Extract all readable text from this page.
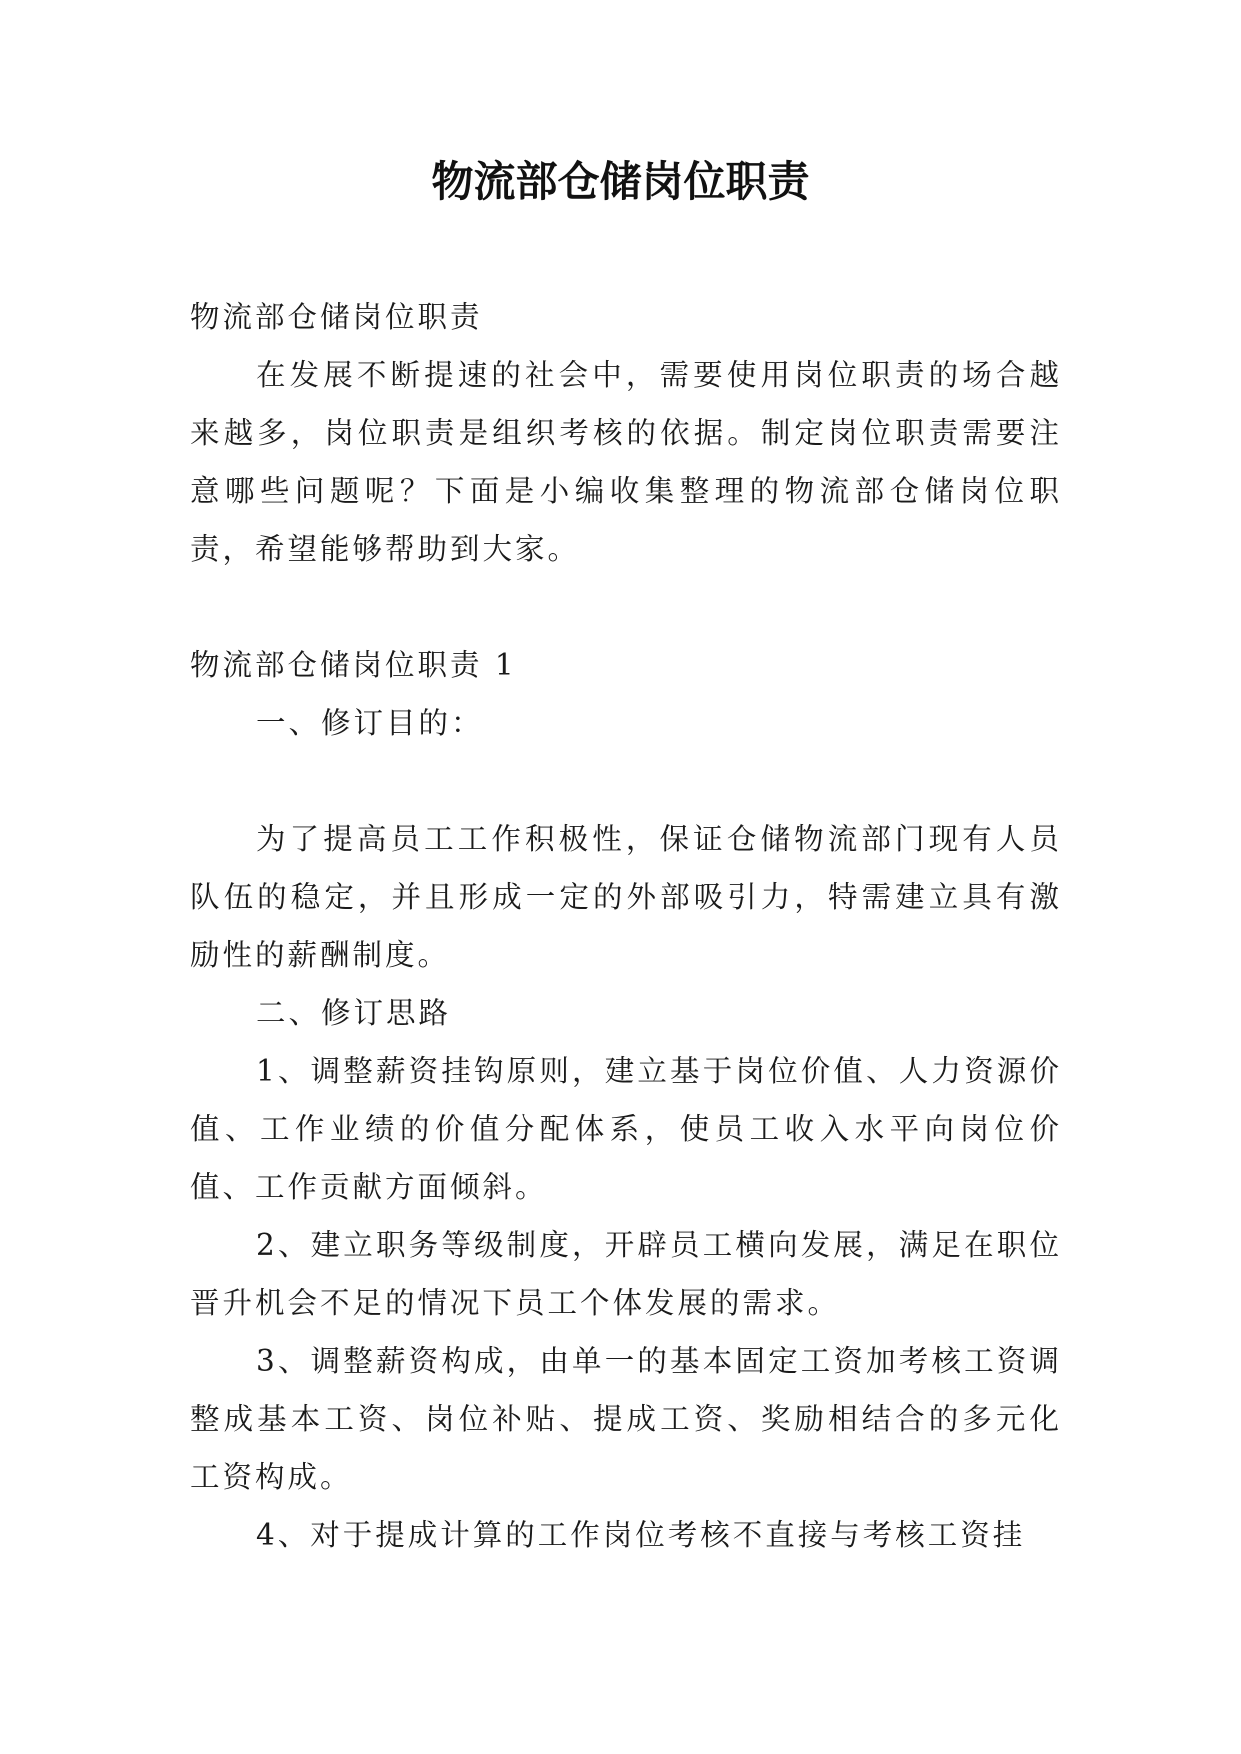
物流部仓储岗位职责

物流部仓储岗位职责

在发展不断提速的社会中，需要使用岗位职责的场合越来越多，岗位职责是组织考核的依据。制定岗位职责需要注意哪些问题呢？下面是小编收集整理的物流部仓储岗位职责，希望能够帮助到大家。

物流部仓储岗位职责 1

一、修订目的：

为了提高员工工作积极性，保证仓储物流部门现有人员队伍的稳定，并且形成一定的外部吸引力，特需建立具有激励性的薪酬制度。

二、修订思路

1、调整薪资挂钩原则，建立基于岗位价值、人力资源价值、工作业绩的价值分配体系，使员工收入水平向岗位价值、工作贡献方面倾斜。

2、建立职务等级制度，开辟员工横向发展，满足在职位晋升机会不足的情况下员工个体发展的需求。

3、调整薪资构成，由单一的基本固定工资加考核工资调整成基本工资、岗位补贴、提成工资、奖励相结合的多元化工资构成。

4、对于提成计算的工作岗位考核不直接与考核工资挂
